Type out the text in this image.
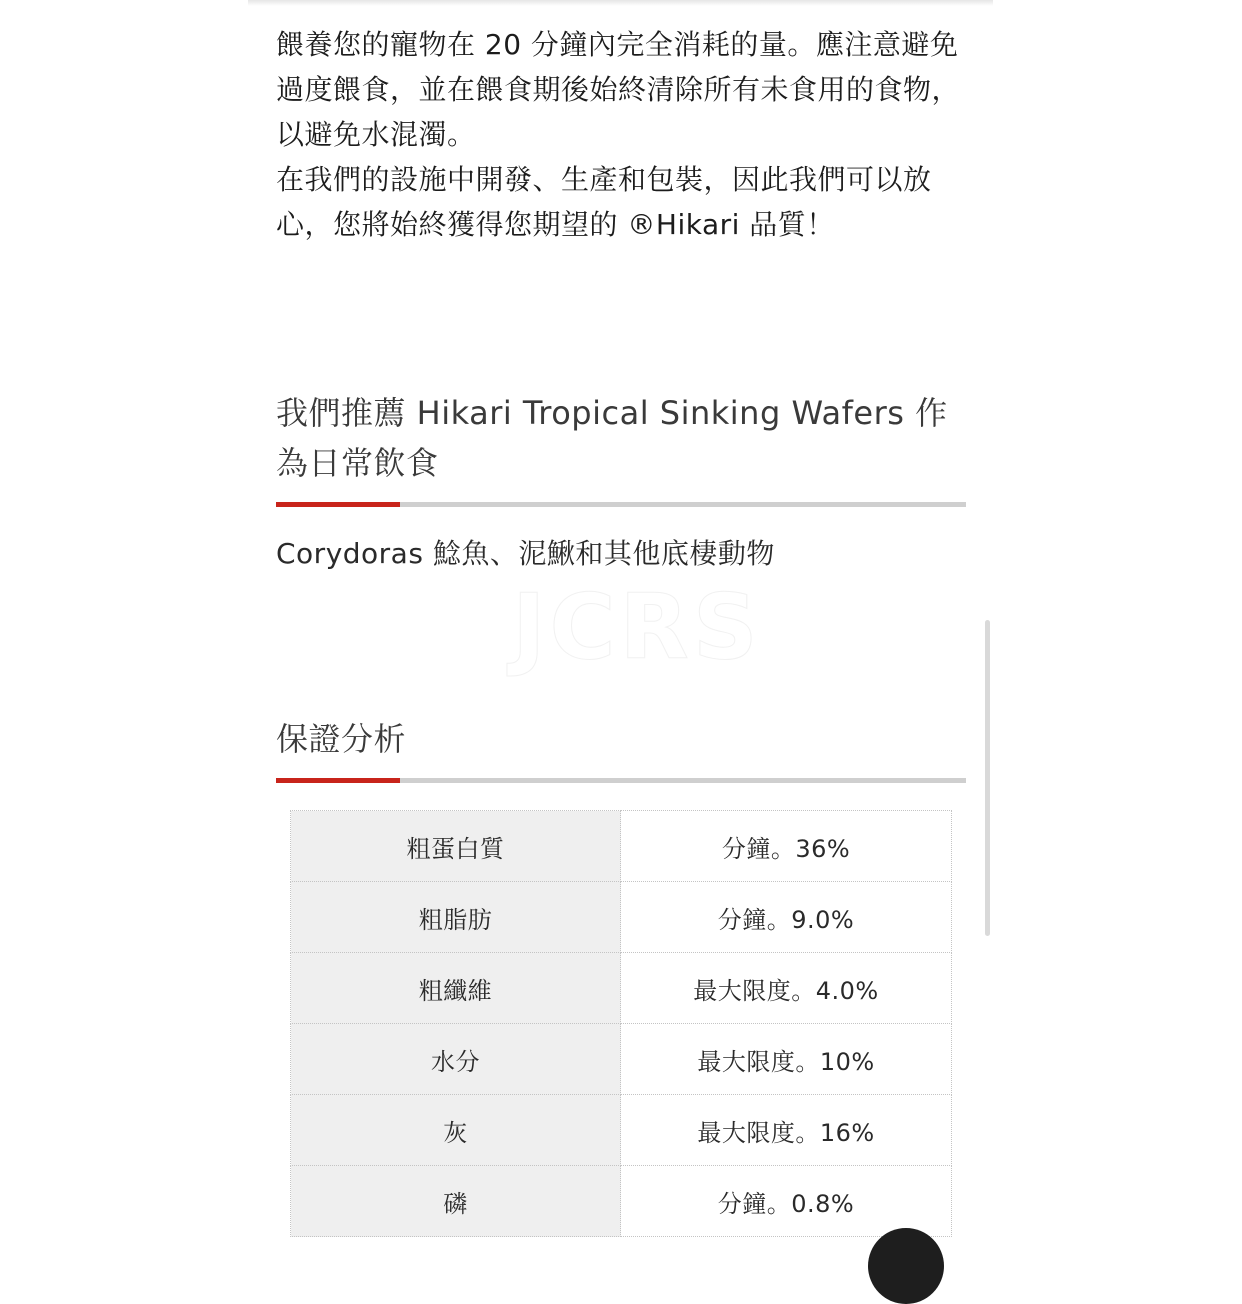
餵養您的寵物在 20 分鐘內完全消耗的量。應注意避免過度餵食，並在餵食期後始終清除所有未食用的食物，以避免水混濁。

在我們的設施中開發、生產和包裝，因此我們可以放心，您將始終獲得您期望的 ®Hikari 品質！

我們推薦 Hikari Tropical Sinking Wafers 作為日常飲食
Corydoras 鯰魚、泥鰍和其他底棲動物
保證分析
JCRS
粗蛋白質	分鐘。36%
粗脂肪	分鐘。9.0%
粗纖維	最大限度。4.0%
水分	最大限度。10%
灰	最大限度。16%
磷	分鐘。0.8%
